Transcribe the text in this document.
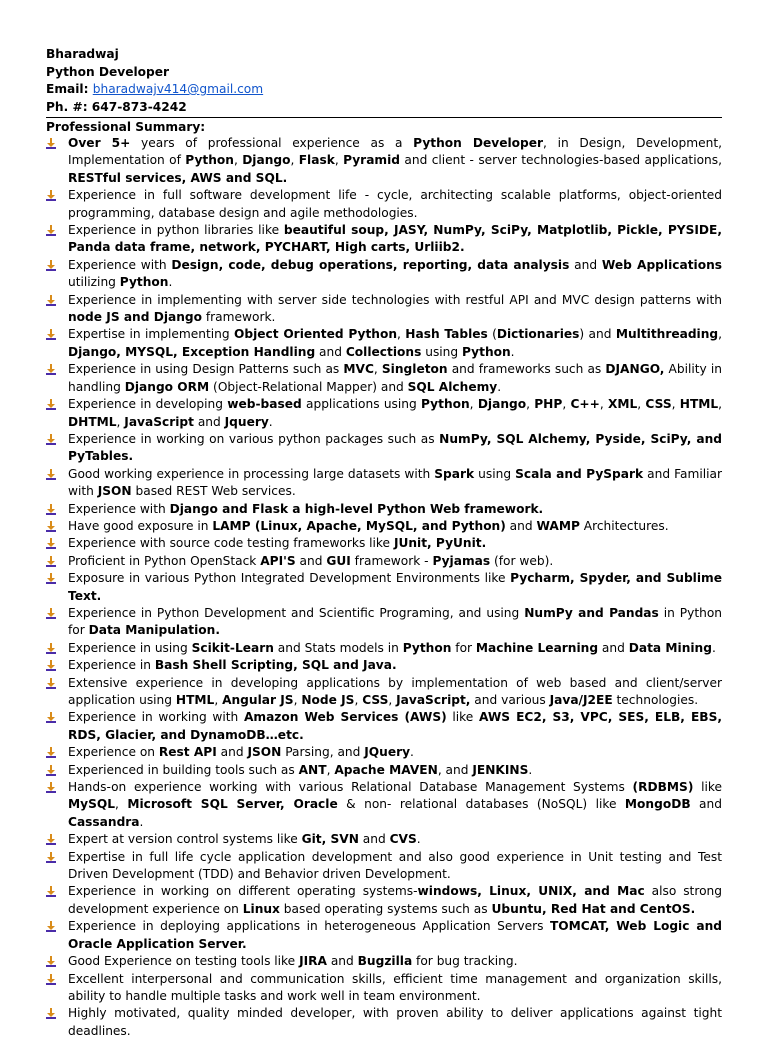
Bharadwaj
Python Developer
Email: bharadwajv414@gmail.com
Ph. #: 647-873-4242
Professional Summary:
Over 5+ years of professional experience as a Python Developer, in Design, Development, Implementation of Python, Django, Flask, Pyramid and client - server technologies-based applications, RESTful services, AWS and SQL.
Experience in full software development life - cycle, architecting scalable platforms, object-oriented programming, database design and agile methodologies.
Experience in python libraries like beautiful soup, JASY, NumPy, SciPy, Matplotlib, Pickle, PYSIDE, Panda data frame, network, PYCHART, High carts, Urliib2.
Experience with Design, code, debug operations, reporting, data analysis and Web Applications utilizing Python.
Experience in implementing with server side technologies with restful API and MVC design patterns with node JS and Django framework.
Expertise in implementing Object Oriented Python, Hash Tables (Dictionaries) and Multithreading, Django, MYSQL, Exception Handling and Collections using Python.
Experience in using Design Patterns such as MVC, Singleton and frameworks such as DJANGO, Ability in handling Django ORM (Object-Relational Mapper) and SQL Alchemy.
Experience in developing web-based applications using Python, Django, PHP, C++, XML, CSS, HTML, DHTML, JavaScript and Jquery.
Experience in working on various python packages such as NumPy, SQL Alchemy, Pyside, SciPy, and PyTables.
Good working experience in processing large datasets with Spark using Scala and PySpark and Familiar with JSON based REST Web services.
Experience with Django and Flask a high-level Python Web framework.
Have good exposure in LAMP (Linux, Apache, MySQL, and Python) and WAMP Architectures.
Experience with source code testing frameworks like JUnit, PyUnit.
Proficient in Python OpenStack API'S and GUI framework - Pyjamas (for web).
Exposure in various Python Integrated Development Environments like Pycharm, Spyder, and Sublime Text.
Experience in Python Development and Scientific Programing, and using NumPy and Pandas in Python for Data Manipulation.
Experience in using Scikit-Learn and Stats models in Python for Machine Learning and Data Mining.
Experience in Bash Shell Scripting, SQL and Java.
Extensive experience in developing applications by implementation of web based and client/server application using HTML, Angular JS, Node JS, CSS, JavaScript, and various Java/J2EE technologies.
Experience in working with Amazon Web Services (AWS) like AWS EC2, S3, VPC, SES, ELB, EBS, RDS, Glacier, and DynamoDB…etc.
Experience on Rest API and JSON Parsing, and JQuery.
Experienced in building tools such as ANT, Apache MAVEN, and JENKINS.
Hands-on experience working with various Relational Database Management Systems (RDBMS) like MySQL, Microsoft SQL Server, Oracle & non- relational databases (NoSQL) like MongoDB and Cassandra.
Expert at version control systems like Git, SVN and CVS.
Expertise in full life cycle application development and also good experience in Unit testing and Test Driven Development (TDD) and Behavior driven Development.
Experience in working on different operating systems-windows, Linux, UNIX, and Mac also strong development experience on Linux based operating systems such as Ubuntu, Red Hat and CentOS.
Experience in deploying applications in heterogeneous Application Servers TOMCAT, Web Logic and Oracle Application Server.
Good Experience on testing tools like JIRA and Bugzilla for bug tracking.
Excellent interpersonal and communication skills, efficient time management and organization skills, ability to handle multiple tasks and work well in team environment.
Highly motivated, quality minded developer, with proven ability to deliver applications against tight deadlines.
